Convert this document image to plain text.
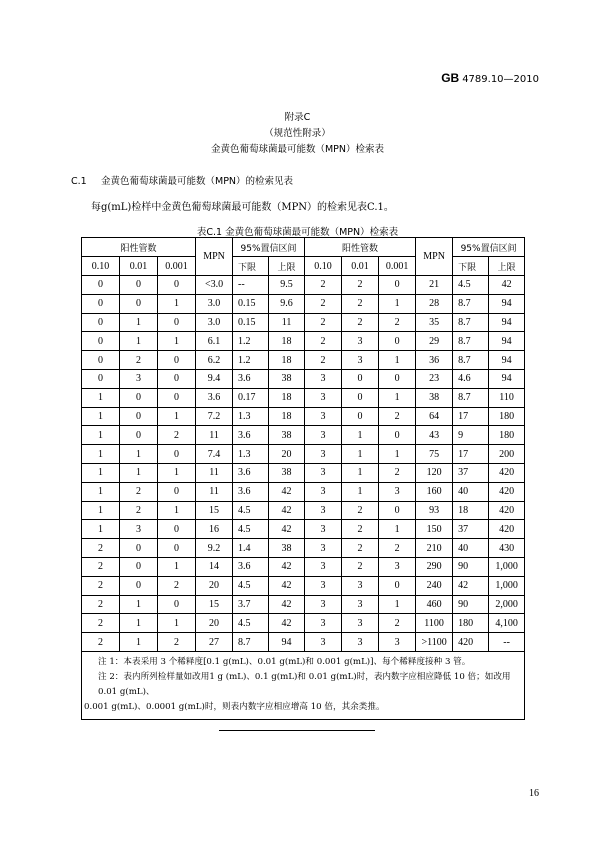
GB 4789.10—2010
附录C
（规范性附录）
金黄色葡萄球菌最可能数（MPN）检索表
C.1 金黄色葡萄球菌最可能数（MPN）的检索见表
每g(mL)检样中金黄色葡萄球菌最可能数（MPN）的检索见表C.1。
表C.1 金黄色葡萄球菌最可能数（MPN）检索表
阳性管数			MPN	95%置信区间		阳性管数			MPN	95%置信区间	
0.10	0.01	0.001		下限	上限	0.10	0.01	0.001		下限	上限
0	0	0	<3.0	--	9.5	2	2	0	21	4.5	42
0	0	1	3.0	0.15	9.6	2	2	1	28	8.7	94
0	1	0	3.0	0.15	11	2	2	2	35	8.7	94
0	1	1	6.1	1.2	18	2	3	0	29	8.7	94
0	2	0	6.2	1.2	18	2	3	1	36	8.7	94
0	3	0	9.4	3.6	38	3	0	0	23	4.6	94
1	0	0	3.6	0.17	18	3	0	1	38	8.7	110
1	0	1	7.2	1.3	18	3	0	2	64	17	180
1	0	2	11	3.6	38	3	1	0	43	9	180
1	1	0	7.4	1.3	20	3	1	1	75	17	200
1	1	1	11	3.6	38	3	1	2	120	37	420
1	2	0	11	3.6	42	3	1	3	160	40	420
1	2	1	15	4.5	42	3	2	0	93	18	420
1	3	0	16	4.5	42	3	2	1	150	37	420
2	0	0	9.2	1.4	38	3	2	2	210	40	430
2	0	1	14	3.6	42	3	2	3	290	90	1,000
2	0	2	20	4.5	42	3	3	0	240	42	1,000
2	1	0	15	3.7	42	3	3	1	460	90	2,000
2	1	1	20	4.5	42	3	3	2	1100	180	4,100
2	1	2	27	8.7	94	3	3	3	>1100	420	--

注 1：本表采用 3 个稀释度[0.1 g(mL)、0.01 g(mL)和 0.001 g(mL)]、每个稀释度接种 3 管。
注 2：表内所列检样量如改用1 g (mL)、0.1 g(mL)和 0.01 g(mL)时，表内数字应相应降低 10 倍；如改用 0.01 g(mL)、
0.001 g(mL)、0.0001 g(mL)时，则表内数字应相应增高 10 倍，其余类推。											
16
